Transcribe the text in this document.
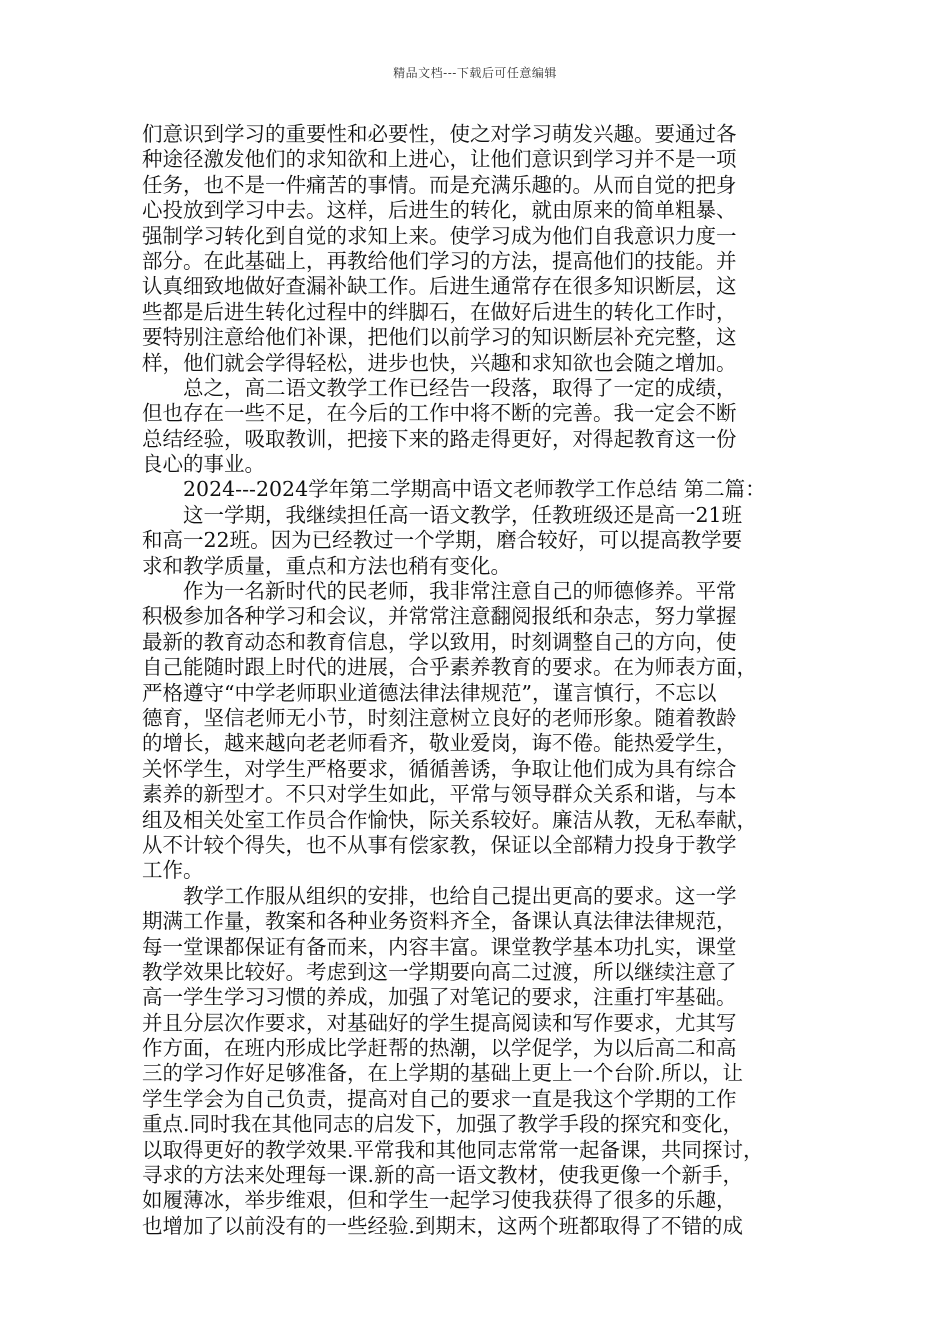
精品文档---下载后可任意编辑
们意识到学习的重要性和必要性，使之对学习萌发兴趣。要通过各
种途径激发他们的求知欲和上进心，让他们意识到学习并不是一项
任务，也不是一件痛苦的事情。而是充满乐趣的。从而自觉的把身
心投放到学习中去。这样，后进生的转化，就由原来的简单粗暴、
强制学习转化到自觉的求知上来。使学习成为他们自我意识力度一
部分。在此基础上，再教给他们学习的方法，提高他们的技能。并
认真细致地做好查漏补缺工作。后进生通常存在很多知识断层，这
些都是后进生转化过程中的绊脚石，在做好后进生的转化工作时，
要特别注意给他们补课，把他们以前学习的知识断层补充完整，这
样，他们就会学得轻松，进步也快，兴趣和求知欲也会随之增加。
总之，高二语文教学工作已经告一段落，取得了一定的成绩，
但也存在一些不足，在今后的工作中将不断的完善。我一定会不断
总结经验，吸取教训，把接下来的路走得更好，对得起教育这一份
良心的事业。
2024---2024学年第二学期高中语文老师教学工作总结 第二篇：
这一学期，我继续担任高一语文教学，任教班级还是高一21班
和高一22班。因为已经教过一个学期，磨合较好，可以提高教学要
求和教学质量，重点和方法也稍有变化。
作为一名新时代的民老师，我非常注意自己的师德修养。平常
积极参加各种学习和会议，并常常注意翻阅报纸和杂志，努力掌握
最新的教育动态和教育信息，学以致用，时刻调整自己的方向，使
自己能随时跟上时代的进展，合乎素养教育的要求。在为师表方面，
严格遵守“中学老师职业道德法律法律规范”，谨言慎行，不忘以
德育，坚信老师无小节，时刻注意树立良好的老师形象。随着教龄
的增长，越来越向老老师看齐，敬业爱岗，诲不倦。能热爱学生，
关怀学生，对学生严格要求，循循善诱，争取让他们成为具有综合
素养的新型才。不只对学生如此，平常与领导群众关系和谐，与本
组及相关处室工作员合作愉快，际关系较好。廉洁从教，无私奉献，
从不计较个得失，也不从事有偿家教，保证以全部精力投身于教学
工作。
教学工作服从组织的安排，也给自己提出更高的要求。这一学
期满工作量，教案和各种业务资料齐全，备课认真法律法律规范，
每一堂课都保证有备而来，内容丰富。课堂教学基本功扎实，课堂
教学效果比较好。考虑到这一学期要向高二过渡，所以继续注意了
高一学生学习习惯的养成，加强了对笔记的要求，注重打牢基础。
并且分层次作要求，对基础好的学生提高阅读和写作要求，尤其写
作方面，在班内形成比学赶帮的热潮，以学促学，为以后高二和高
三的学习作好足够准备，在上学期的基础上更上一个台阶.所以，让
学生学会为自己负责，提高对自己的要求一直是我这个学期的工作
重点.同时我在其他同志的启发下，加强了教学手段的探究和变化，
以取得更好的教学效果.平常我和其他同志常常一起备课，共同探讨，
寻求的方法来处理每一课.新的高一语文教材，使我更像一个新手，
如履薄冰，举步维艰，但和学生一起学习使我获得了很多的乐趣，
也增加了以前没有的一些经验.到期末，这两个班都取得了不错的成
